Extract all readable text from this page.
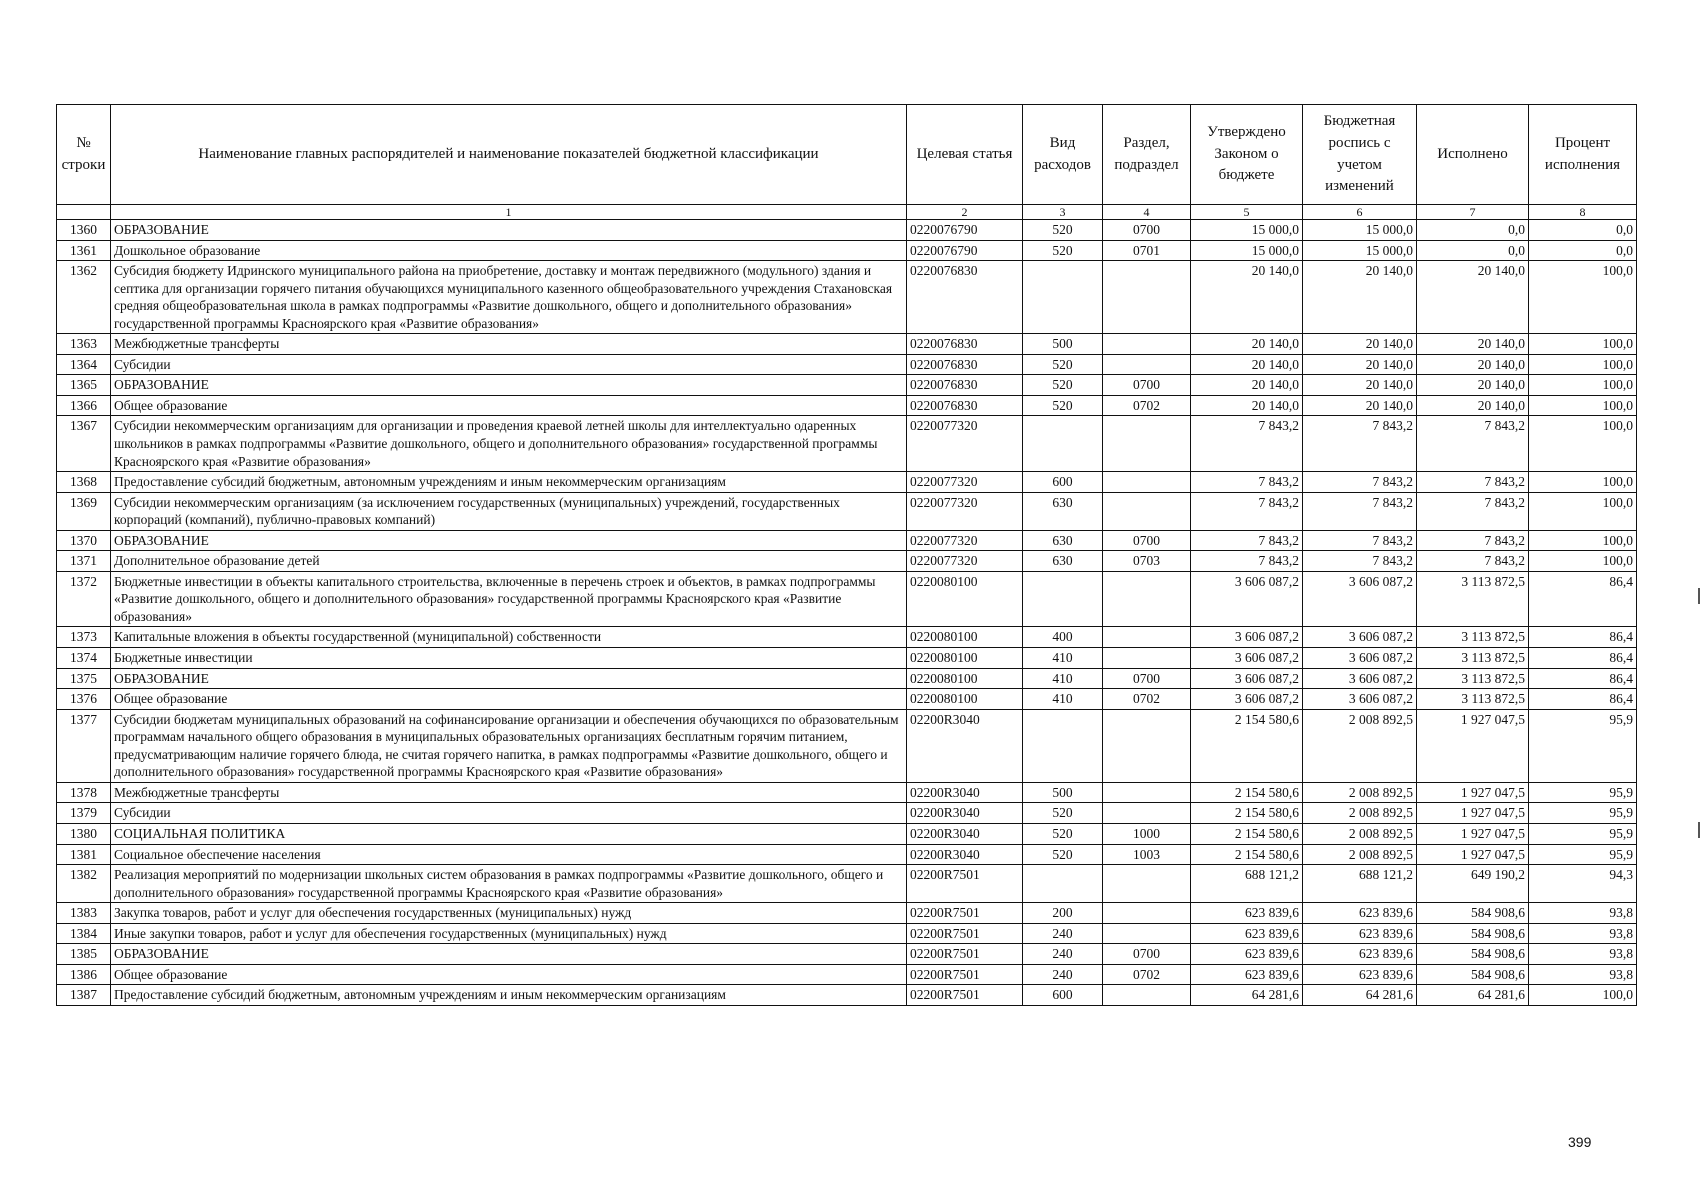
№ строки	Наименование главных распорядителей и наименование показателей бюджетной классификации	Целевая статья	Вид расходов	Раздел, подраздел	Утверждено Законом о бюджете	Бюджетная роспись с учетом изменений	Исполнено	Процент исполнения
	1	2	3	4	5	6	7	8
1360	ОБРАЗОВАНИЕ	0220076790	520	0700	15 000,0	15 000,0	0,0	0,0
1361	Дошкольное образование	0220076790	520	0701	15 000,0	15 000,0	0,0	0,0
1362	Субсидия бюджету Идринского муниципального района на приобретение, доставку и монтаж передвижного (модульного) здания и септика для организации горячего питания обучающихся муниципального казенного общеобразовательного учреждения Стахановская средняя общеобразовательная школа в рамках подпрограммы «Развитие дошкольного, общего и дополнительного образования» государственной программы Красноярского края «Развитие образования»	0220076830			20 140,0	20 140,0	20 140,0	100,0
1363	Межбюджетные трансферты	0220076830	500		20 140,0	20 140,0	20 140,0	100,0
1364	Субсидии	0220076830	520		20 140,0	20 140,0	20 140,0	100,0
1365	ОБРАЗОВАНИЕ	0220076830	520	0700	20 140,0	20 140,0	20 140,0	100,0
1366	Общее образование	0220076830	520	0702	20 140,0	20 140,0	20 140,0	100,0
1367	Субсидии некоммерческим организациям для организации и проведения краевой летней школы для интеллектуально одаренных школьников в рамках подпрограммы «Развитие дошкольного, общего и дополнительного образования» государственной программы Красноярского края «Развитие образования»	0220077320			7 843,2	7 843,2	7 843,2	100,0
1368	Предоставление субсидий бюджетным, автономным учреждениям и иным некоммерческим организациям	0220077320	600		7 843,2	7 843,2	7 843,2	100,0
1369	Субсидии некоммерческим организациям (за исключением государственных (муниципальных) учреждений, государственных корпораций (компаний), публично-правовых компаний)	0220077320	630		7 843,2	7 843,2	7 843,2	100,0
1370	ОБРАЗОВАНИЕ	0220077320	630	0700	7 843,2	7 843,2	7 843,2	100,0
1371	Дополнительное образование детей	0220077320	630	0703	7 843,2	7 843,2	7 843,2	100,0
1372	Бюджетные инвестиции в объекты капитального строительства, включенные в перечень строек и объектов, в рамках подпрограммы «Развитие дошкольного, общего и дополнительного образования» государственной программы Красноярского края «Развитие образования»	0220080100			3 606 087,2	3 606 087,2	3 113 872,5	86,4
1373	Капитальные вложения в объекты государственной (муниципальной) собственности	0220080100	400		3 606 087,2	3 606 087,2	3 113 872,5	86,4
1374	Бюджетные инвестиции	0220080100	410		3 606 087,2	3 606 087,2	3 113 872,5	86,4
1375	ОБРАЗОВАНИЕ	0220080100	410	0700	3 606 087,2	3 606 087,2	3 113 872,5	86,4
1376	Общее образование	0220080100	410	0702	3 606 087,2	3 606 087,2	3 113 872,5	86,4
1377	Субсидии бюджетам муниципальных образований на софинансирование организации и обеспечения обучающихся по образовательным программам начального общего образования в муниципальных образовательных организациях бесплатным горячим питанием, предусматривающим наличие горячего блюда, не считая горячего напитка, в рамках подпрограммы «Развитие дошкольного, общего и дополнительного образования» государственной программы Красноярского края «Развитие образования»	02200R3040			2 154 580,6	2 008 892,5	1 927 047,5	95,9
1378	Межбюджетные трансферты	02200R3040	500		2 154 580,6	2 008 892,5	1 927 047,5	95,9
1379	Субсидии	02200R3040	520		2 154 580,6	2 008 892,5	1 927 047,5	95,9
1380	СОЦИАЛЬНАЯ ПОЛИТИКА	02200R3040	520	1000	2 154 580,6	2 008 892,5	1 927 047,5	95,9
1381	Социальное обеспечение населения	02200R3040	520	1003	2 154 580,6	2 008 892,5	1 927 047,5	95,9
1382	Реализация мероприятий по модернизации школьных систем образования в рамках подпрограммы «Развитие дошкольного, общего и дополнительного образования» государственной программы Красноярского края «Развитие образования»	02200R7501			688 121,2	688 121,2	649 190,2	94,3
1383	Закупка товаров, работ и услуг для обеспечения государственных (муниципальных) нужд	02200R7501	200		623 839,6	623 839,6	584 908,6	93,8
1384	Иные закупки товаров, работ и услуг для обеспечения государственных (муниципальных) нужд	02200R7501	240		623 839,6	623 839,6	584 908,6	93,8
1385	ОБРАЗОВАНИЕ	02200R7501	240	0700	623 839,6	623 839,6	584 908,6	93,8
1386	Общее образование	02200R7501	240	0702	623 839,6	623 839,6	584 908,6	93,8
1387	Предоставление субсидий бюджетным, автономным учреждениям и иным некоммерческим организациям	02200R7501	600		64 281,6	64 281,6	64 281,6	100,0
399
